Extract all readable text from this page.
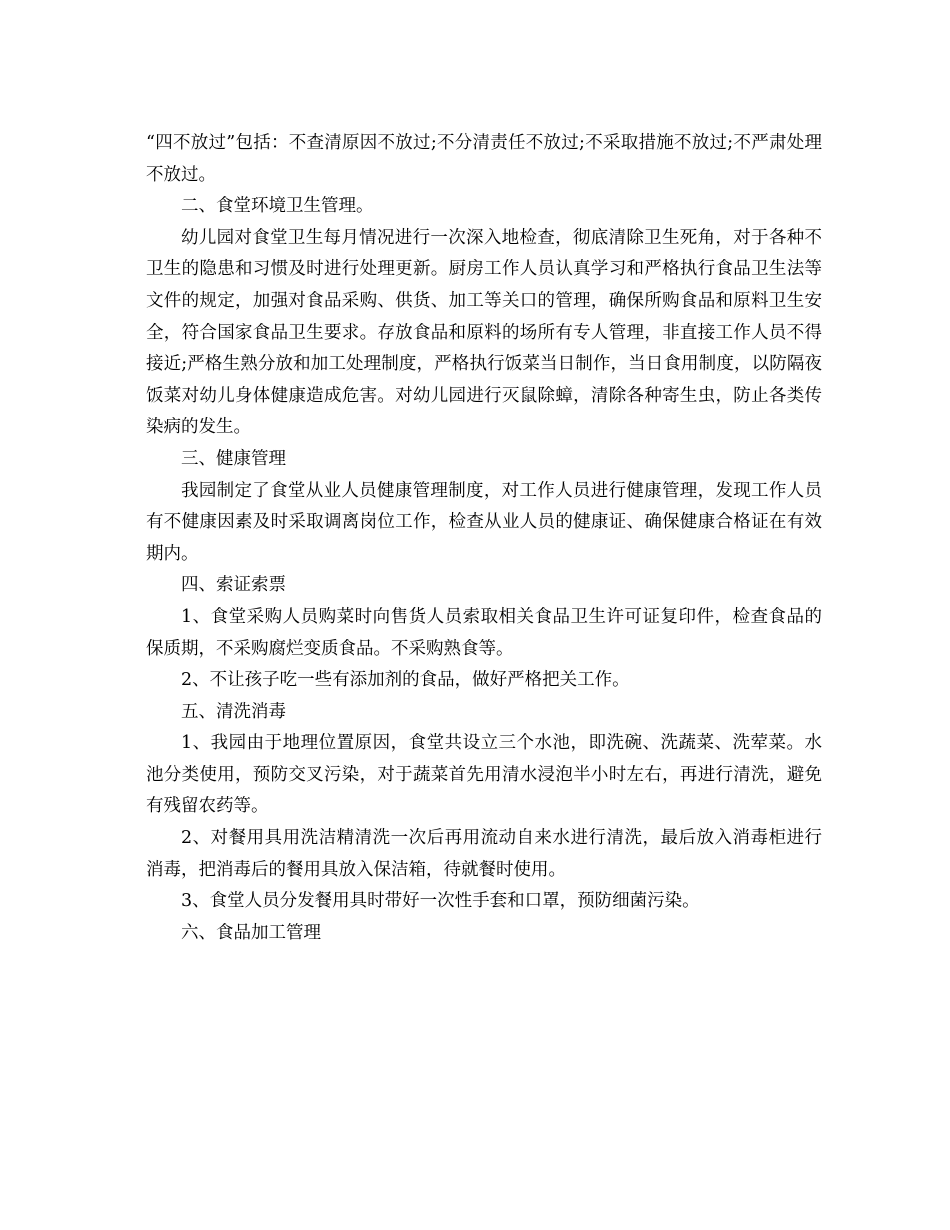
“四不放过”包括：不查清原因不放过;不分清责任不放过;不采取措施不放过;不严肃处理不放过。

二、食堂环境卫生管理。

幼儿园对食堂卫生每月情况进行一次深入地检查，彻底清除卫生死角，对于各种不卫生的隐患和习惯及时进行处理更新。厨房工作人员认真学习和严格执行食品卫生法等文件的规定，加强对食品采购、供货、加工等关口的管理，确保所购食品和原料卫生安全，符合国家食品卫生要求。存放食品和原料的场所有专人管理，非直接工作人员不得接近;严格生熟分放和加工处理制度，严格执行饭菜当日制作，当日食用制度，以防隔夜饭菜对幼儿身体健康造成危害。对幼儿园进行灭鼠除蟑，清除各种寄生虫，防止各类传染病的发生。

三、健康管理

我园制定了食堂从业人员健康管理制度，对工作人员进行健康管理，发现工作人员有不健康因素及时采取调离岗位工作，检查从业人员的健康证、确保健康合格证在有效期内。

四、索证索票

1、食堂采购人员购菜时向售货人员索取相关食品卫生许可证复印件，检查食品的保质期，不采购腐烂变质食品。不采购熟食等。

2、不让孩子吃一些有添加剂的食品，做好严格把关工作。

五、清洗消毒

1、我园由于地理位置原因，食堂共设立三个水池，即洗碗、洗蔬菜、洗荤菜。水池分类使用，预防交叉污染，对于蔬菜首先用清水浸泡半小时左右，再进行清洗，避免有残留农药等。

2、对餐用具用洗洁精清洗一次后再用流动自来水进行清洗，最后放入消毒柜进行消毒，把消毒后的餐用具放入保洁箱，待就餐时使用。

3、食堂人员分发餐用具时带好一次性手套和口罩，预防细菌污染。

六、食品加工管理
